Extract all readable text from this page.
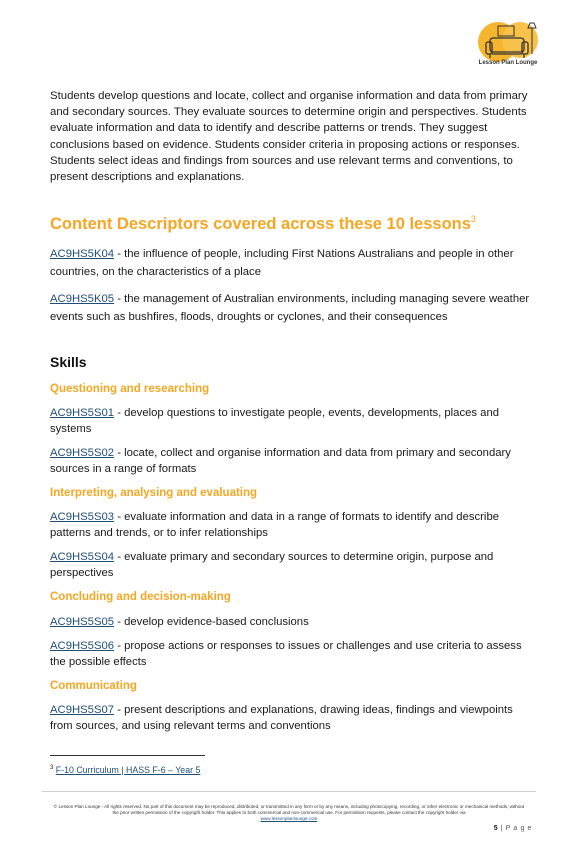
Lesson Plan Lounge
Students develop questions and locate, collect and organise information and data from primary and secondary sources. They evaluate sources to determine origin and perspectives. Students evaluate information and data to identify and describe patterns or trends. They suggest conclusions based on evidence. Students consider criteria in proposing actions or responses. Students select ideas and findings from sources and use relevant terms and conventions, to present descriptions and explanations.
Content Descriptors covered across these 10 lessons$^3$
AC9HS5K04 - the influence of people, including First Nations Australians and people in other countries, on the characteristics of a place
AC9HS5K05 - the management of Australian environments, including managing severe weather events such as bushfires, floods, droughts or cyclones, and their consequences
Skills
Questioning and researching
AC9HS5S01 - develop questions to investigate people, events, developments, places and systems
AC9HS5S02 - locate, collect and organise information and data from primary and secondary sources in a range of formats
Interpreting, analysing and evaluating
AC9HS5S03 - evaluate information and data in a range of formats to identify and describe patterns and trends, or to infer relationships
AC9HS5S04 - evaluate primary and secondary sources to determine origin, purpose and perspectives
Concluding and decision-making
AC9HS5S05 - develop evidence-based conclusions
AC9HS5S06 - propose actions or responses to issues or challenges and use criteria to assess the possible effects
Communicating
AC9HS5S07 - present descriptions and explanations, drawing ideas, findings and viewpoints from sources, and using relevant terms and conventions
$^3$ F-10 Curriculum | HASS F-6 – Year 5
© Lesson Plan Lounge - All rights reserved. No part of this document may be reproduced, distributed, or transmitted in any form or by any means, including photocopying, recording, or other electronic or mechanical methods, without the prior written permission of the copyright holder. This applies to both commercial and non-commercial use. For permission requests, please contact the copyright holder via
www.lessonplanlounge.com
5 | P a g e
